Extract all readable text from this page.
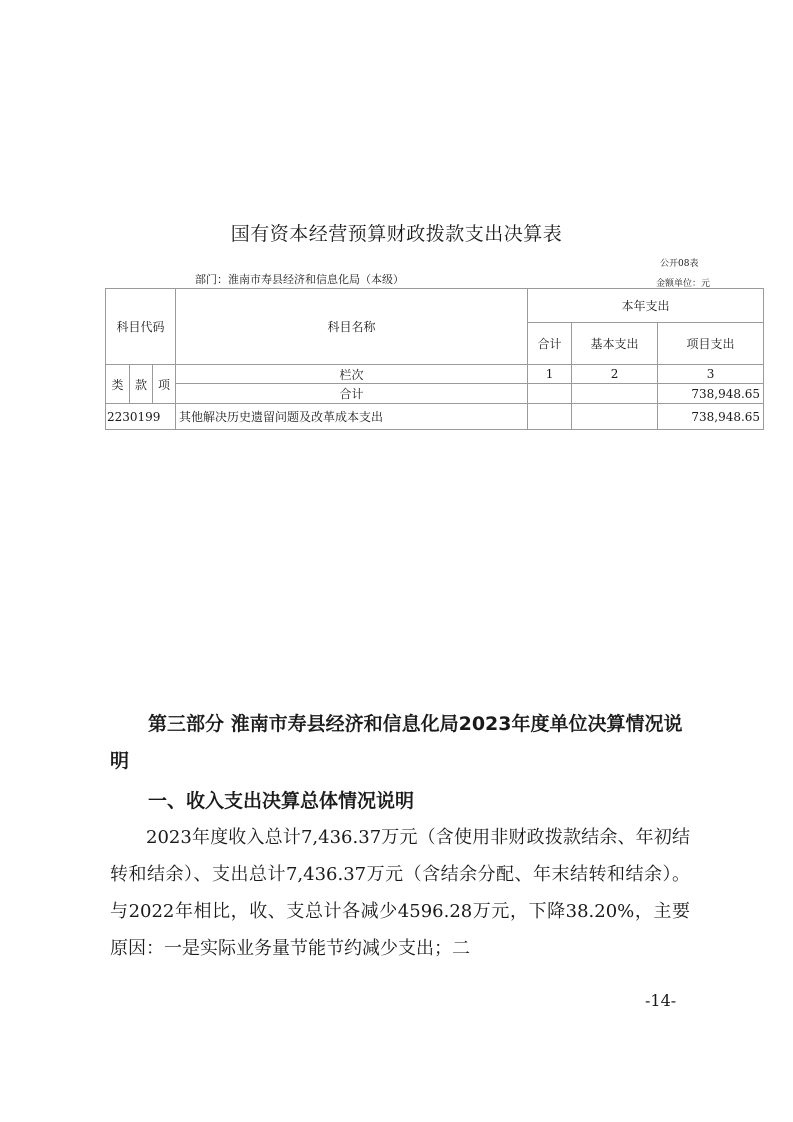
国有资本经营预算财政拨款支出决算表
公开08表
部门：淮南市寿县经济和信息化局（本级）	金额单位：元
科目代码			科目名称	本年支出		
				合计	基本支出	项目支出
类	款	项	栏次	1	2	3
			合计			738,948.65
2230199			其他解决历史遗留问题及改革成本支出			738,948.65
第三部分 淮南市寿县经济和信息化局2023年度单位决算情况说明
一、收入支出决算总体情况说明

2023年度收入总计7,436.37万元（含使用非财政拨款结余、年初结转和结余）、支出总计7,436.37万元（含结余分配、年末结转和结余）。与2022年相比，收、支总计各减少4596.28万元，下降38.20%，主要原因：一是实际业务量节能节约减少支出；二

-14-
